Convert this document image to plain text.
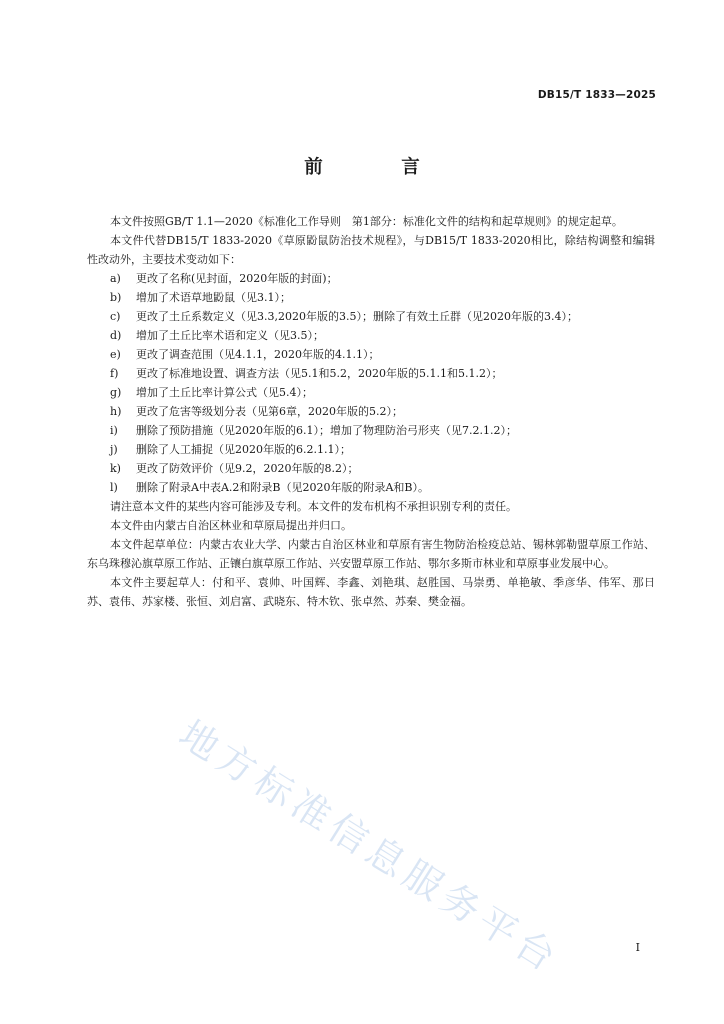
DB15/T 1833—2025
前　言

本文件按照GB/T 1.1—2020《标准化工作导则　第1部分：标准化文件的结构和起草规则》的规定起草。

本文件代替DB15/T 1833-2020《草原鼢鼠防治技术规程》，与DB15/T 1833-2020相比，除结构调整和编辑性改动外，主要技术变动如下：

a)	更改了名称(见封面，2020年版的封面)；
b)	增加了术语草地鼢鼠（见3.1）；
c)	更改了土丘系数定义（见3.3,2020年版的3.5）；删除了有效土丘群（见2020年版的3.4）；
d)	增加了土丘比率术语和定义（见3.5）；
e)	更改了调查范围（见4.1.1，2020年版的4.1.1）；
f)	更改了标准地设置、调查方法（见5.1和5.2，2020年版的5.1.1和5.1.2）；
g)	增加了土丘比率计算公式（见5.4）；
h)	更改了危害等级划分表（见第6章，2020年版的5.2）；
i)	删除了预防措施（见2020年版的6.1）；增加了物理防治弓形夹（见7.2.1.2）；
j)	删除了人工捕捉（见2020年版的6.2.1.1）；
k)	更改了防效评价（见9.2，2020年版的8.2）；
l)	删除了附录A中表A.2和附录B（见2020年版的附录A和B）。

请注意本文件的某些内容可能涉及专利。本文件的发布机构不承担识别专利的责任。

本文件由内蒙古自治区林业和草原局提出并归口。

本文件起草单位：内蒙古农业大学、内蒙古自治区林业和草原有害生物防治检疫总站、锡林郭勒盟草原工作站、东乌珠穆沁旗草原工作站、正镶白旗草原工作站、兴安盟草原工作站、鄂尔多斯市林业和草原事业发展中心。

本文件主要起草人：付和平、袁帅、叶国辉、李鑫、刘艳琪、赵胜国、马崇勇、单艳敏、季彦华、伟军、那日苏、袁伟、苏家楼、张恒、刘启富、武晓东、特木钦、张卓然、苏秦、樊金福。

地方标准信息服务平台	I
